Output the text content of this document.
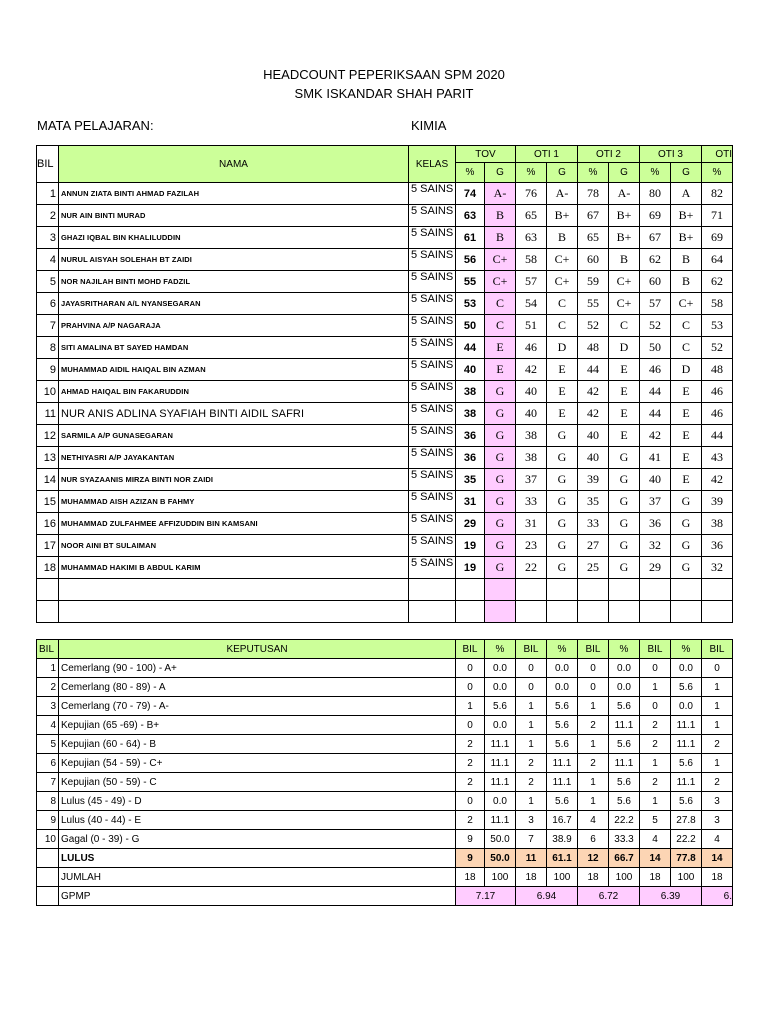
HEADCOUNT PEPERIKSAAN SPM 2020
SMK ISKANDAR SHAH PARIT
MATA PELAJARAN:	KIMIA
BIL	NAMA	KELAS	TOV		OTI 1		OTI 2		OTI 3		OTI
			%	G	%	G	%	G	%	G	%
1	ANNUN ZIATA BINTI AHMAD FAZILAH	5 SAINS	74	A-	76	A-	78	A-	80	A	82
2	NUR AIN BINTI MURAD	5 SAINS	63	B	65	B+	67	B+	69	B+	71
3	GHAZI IQBAL BIN KHALILUDDIN	5 SAINS	61	B	63	B	65	B+	67	B+	69
4	NURUL AISYAH SOLEHAH BT ZAIDI	5 SAINS	56	C+	58	C+	60	B	62	B	64
5	NOR NAJILAH BINTI MOHD FADZIL	5 SAINS	55	C+	57	C+	59	C+	60	B	62
6	JAYASRITHARAN A/L NYANSEGARAN	5 SAINS	53	C	54	C	55	C+	57	C+	58
7	PRAHVINA A/P NAGARAJA	5 SAINS	50	C	51	C	52	C	52	C	53
8	SITI AMALINA BT SAYED HAMDAN	5 SAINS	44	E	46	D	48	D	50	C	52
9	MUHAMMAD AIDIL HAIQAL BIN AZMAN	5 SAINS	40	E	42	E	44	E	46	D	48
10	AHMAD HAIQAL BIN FAKARUDDIN	5 SAINS	38	G	40	E	42	E	44	E	46
11	NUR ANIS ADLINA SYAFIAH BINTI AIDIL SAFRI	5 SAINS	38	G	40	E	42	E	44	E	46
12	SARMILA A/P GUNASEGARAN	5 SAINS	36	G	38	G	40	E	42	E	44
13	NETHIYASRI A/P JAYAKANTAN	5 SAINS	36	G	38	G	40	G	41	E	43
14	NUR SYAZAANIS MIRZA BINTI NOR ZAIDI	5 SAINS	35	G	37	G	39	G	40	E	42
15	MUHAMMAD AISH AZIZAN B FAHMY	5 SAINS	31	G	33	G	35	G	37	G	39
16	MUHAMMAD ZULFAHMEE AFFIZUDDIN BIN KAMSANI	5 SAINS	29	G	31	G	33	G	36	G	38
17	NOOR AINI BT SULAIMAN	5 SAINS	19	G	23	G	27	G	32	G	36
18	MUHAMMAD HAKIMI B ABDUL KARIM	5 SAINS	19	G	22	G	25	G	29	G	32

BIL	KEPUTUSAN	BIL	%	BIL	%	BIL	%	BIL	%	BIL
1	Cemerlang (90 - 100) - A+	0	0.0	0	0.0	0	0.0	0	0.0	0
2	Cemerlang (80 - 89) - A	0	0.0	0	0.0	0	0.0	1	5.6	1
3	Cemerlang (70 - 79) - A-	1	5.6	1	5.6	1	5.6	0	0.0	1
4	Kepujian (65 -69) - B+	0	0.0	1	5.6	2	11.1	2	11.1	1
5	Kepujian (60 - 64) - B	2	11.1	1	5.6	1	5.6	2	11.1	2
6	Kepujian (54 - 59) - C+	2	11.1	2	11.1	2	11.1	1	5.6	1
7	Kepujian (50 - 59) - C	2	11.1	2	11.1	1	5.6	2	11.1	2
8	Lulus (45 - 49) - D	0	0.0	1	5.6	1	5.6	1	5.6	3
9	Lulus (40 - 44) - E	2	11.1	3	16.7	4	22.2	5	27.8	3
10	Gagal (0 - 39) - G	9	50.0	7	38.9	6	33.3	4	22.2	4
	LULUS	9	50.0	11	61.1	12	66.7	14	77.8	14
	JUMLAH	18	100	18	100	18	100	18	100	18
	GPMP	7.17		6.94		6.72		6.39		6.
